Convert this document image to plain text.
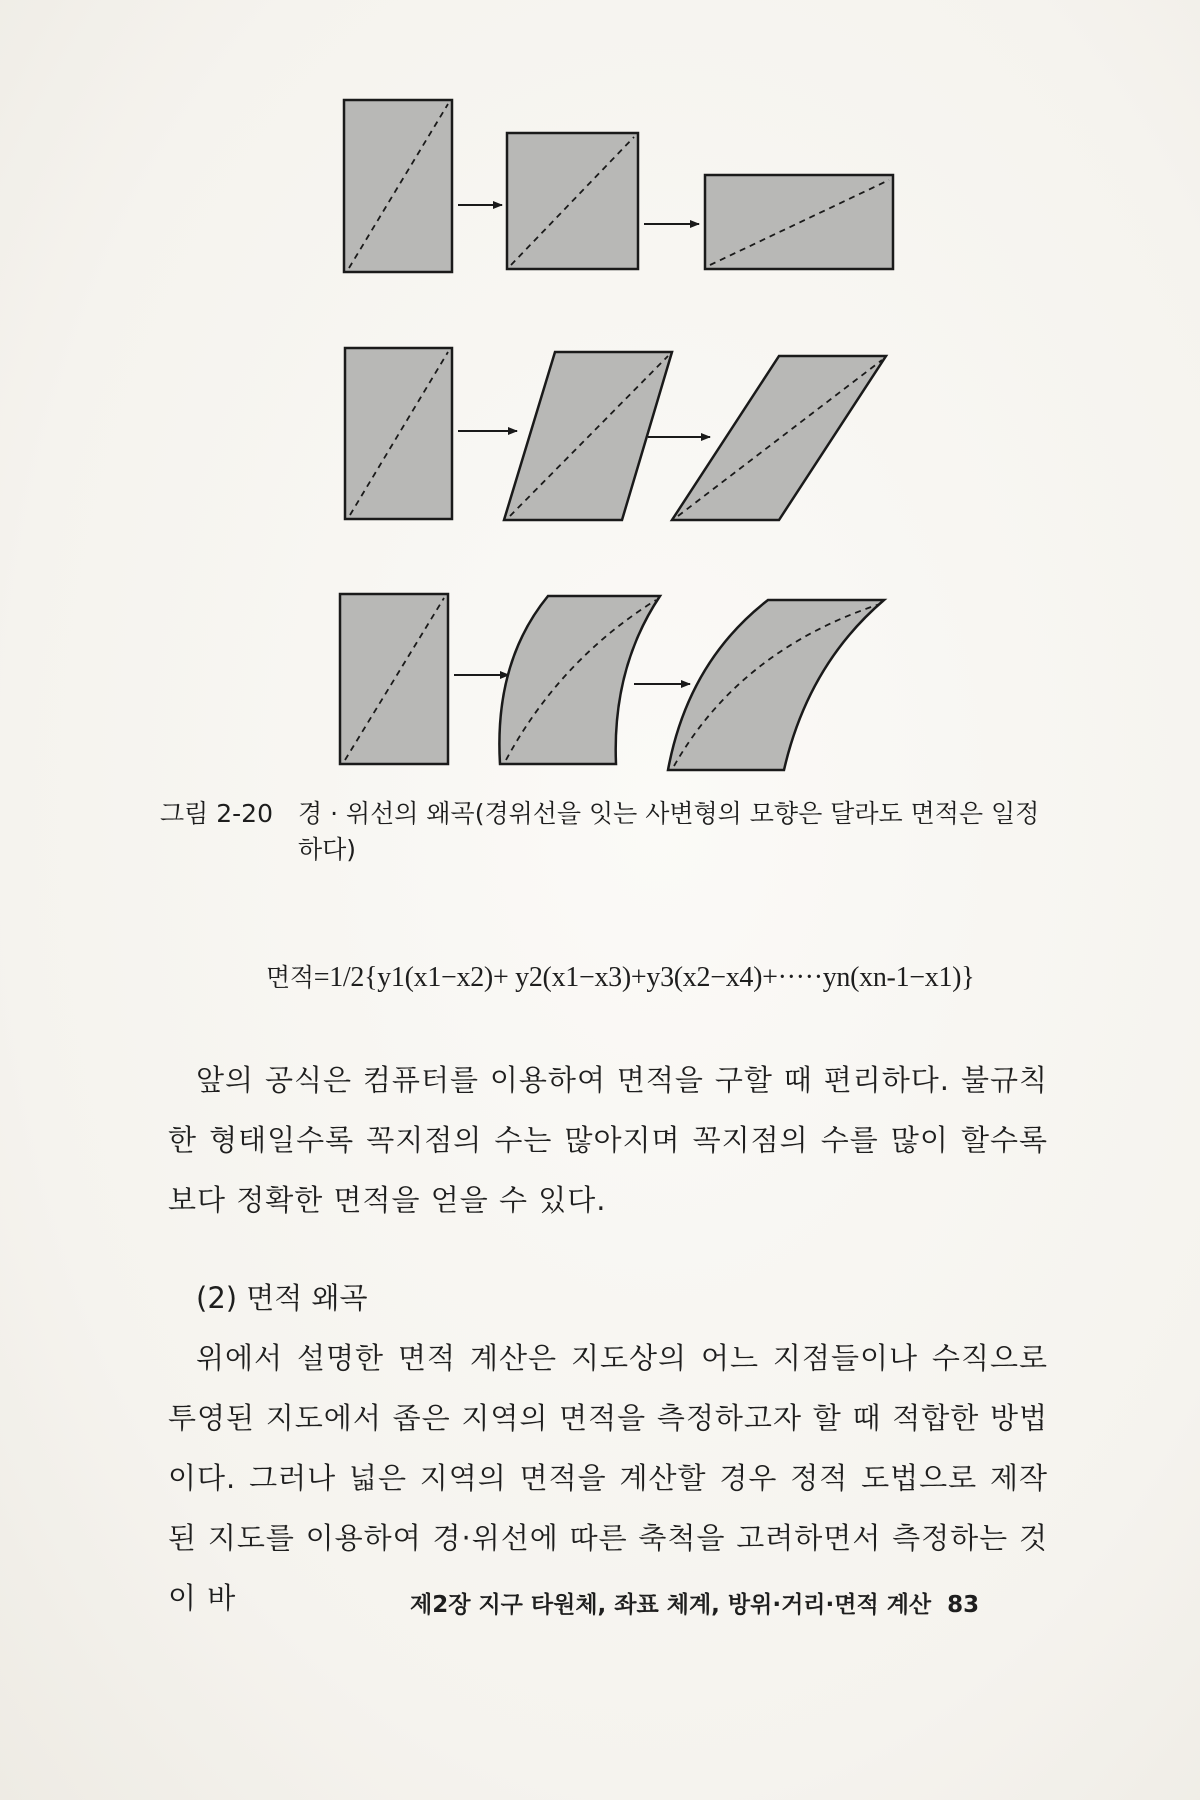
그림 2-20	경 · 위선의 왜곡(경위선을 잇는 사변형의 모향은 달라도 면적은 일정하다)
면적=1/2{y1(x1−x2)+ y2(x1−x3)+y3(x2−x4)+·····yn(xn-1−x1)}
앞의 공식은 컴퓨터를 이용하여 면적을 구할 때 편리하다. 불규칙한 형태일수록 꼭지점의 수는 많아지며 꼭지점의 수를 많이 할수록 보다 정확한 면적을 얻을 수 있다.
(2) 면적 왜곡
위에서 설명한 면적 계산은 지도상의 어느 지점들이나 수직으로 투영된 지도에서 좁은 지역의 면적을 측정하고자 할 때 적합한 방법이다. 그러나 넓은 지역의 면적을 계산할 경우 정적 도법으로 제작된 지도를 이용하여 경·위선에 따른 축척을 고려하면서 측정하는 것이 바	제2장 지구 타원체, 좌표 체계, 방위·거리·면적 계산 83
